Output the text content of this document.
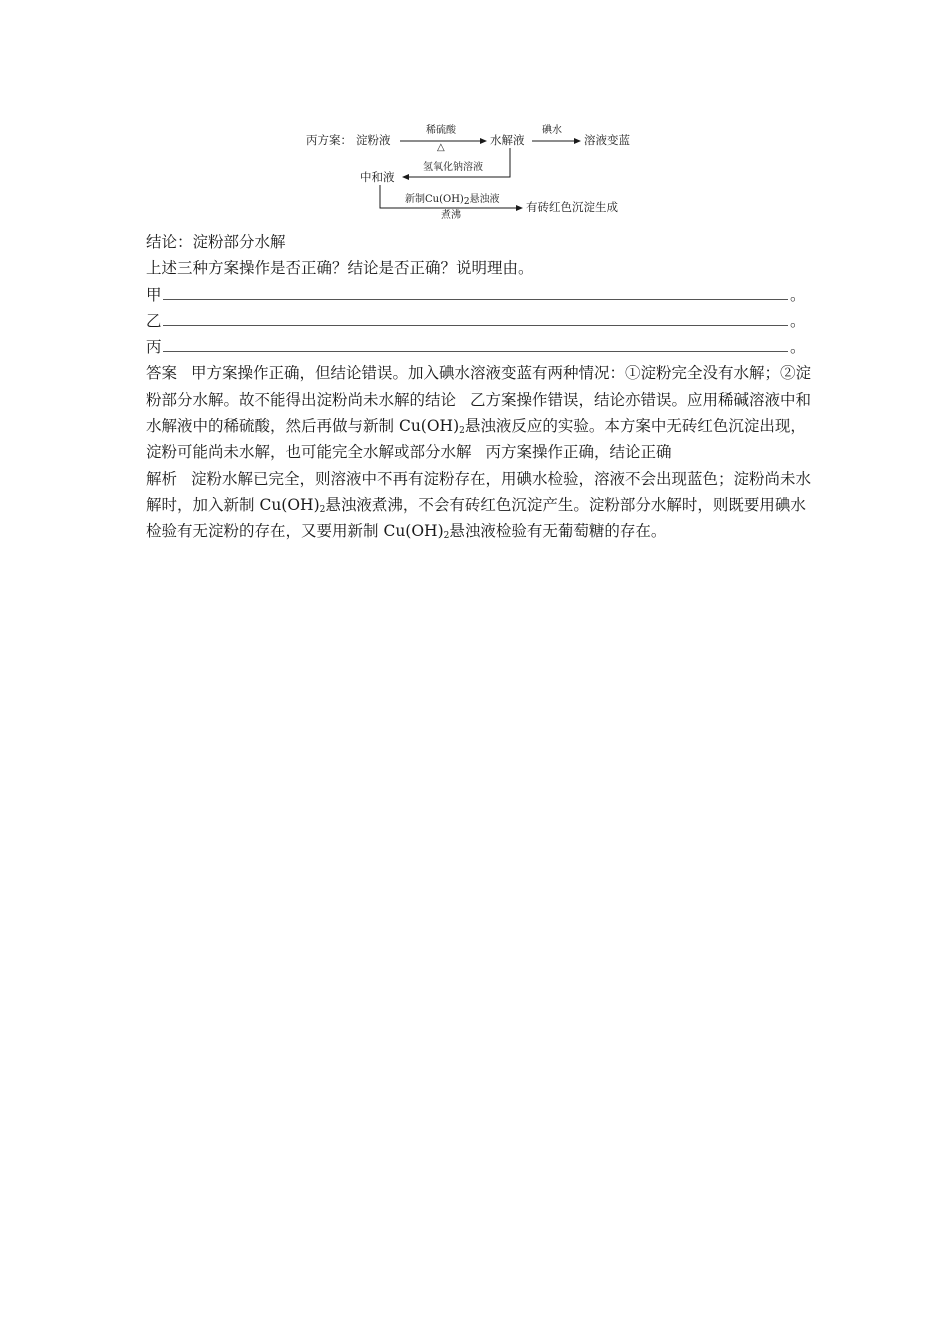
丙方案： 淀粉液
稀硫酸
△
水解液
碘水
溶液变蓝
氢氧化钠溶液
中和液
新制$Cu(OH)_2$悬浊液
煮沸
有砖红色沉淀生成

结论：淀粉部分水解

上述三种方案操作是否正确？结论是否正确？说明理由。

甲	。
乙	。
丙	。

答案 甲方案操作正确，但结论错误。加入碘水溶液变蓝有两种情况：①淀粉完全没有水解；②淀粉部分水解。故不能得出淀粉尚未水解的结论 乙方案操作错误，结论亦错误。应用稀碱溶液中和水解液中的稀硫酸，然后再做与新制 $Cu(OH)_2$悬浊液反应的实验。本方案中无砖红色沉淀出现，淀粉可能尚未水解，也可能完全水解或部分水解 丙方案操作正确，结论正确

解析 淀粉水解已完全，则溶液中不再有淀粉存在，用碘水检验，溶液不会出现蓝色；淀粉尚未水解时，加入新制 $Cu(OH)_2$悬浊液煮沸，不会有砖红色沉淀产生。淀粉部分水解时，则既要用碘水检验有无淀粉的存在，又要用新制 $Cu(OH)_2$悬浊液检验有无葡萄糖的存在。
